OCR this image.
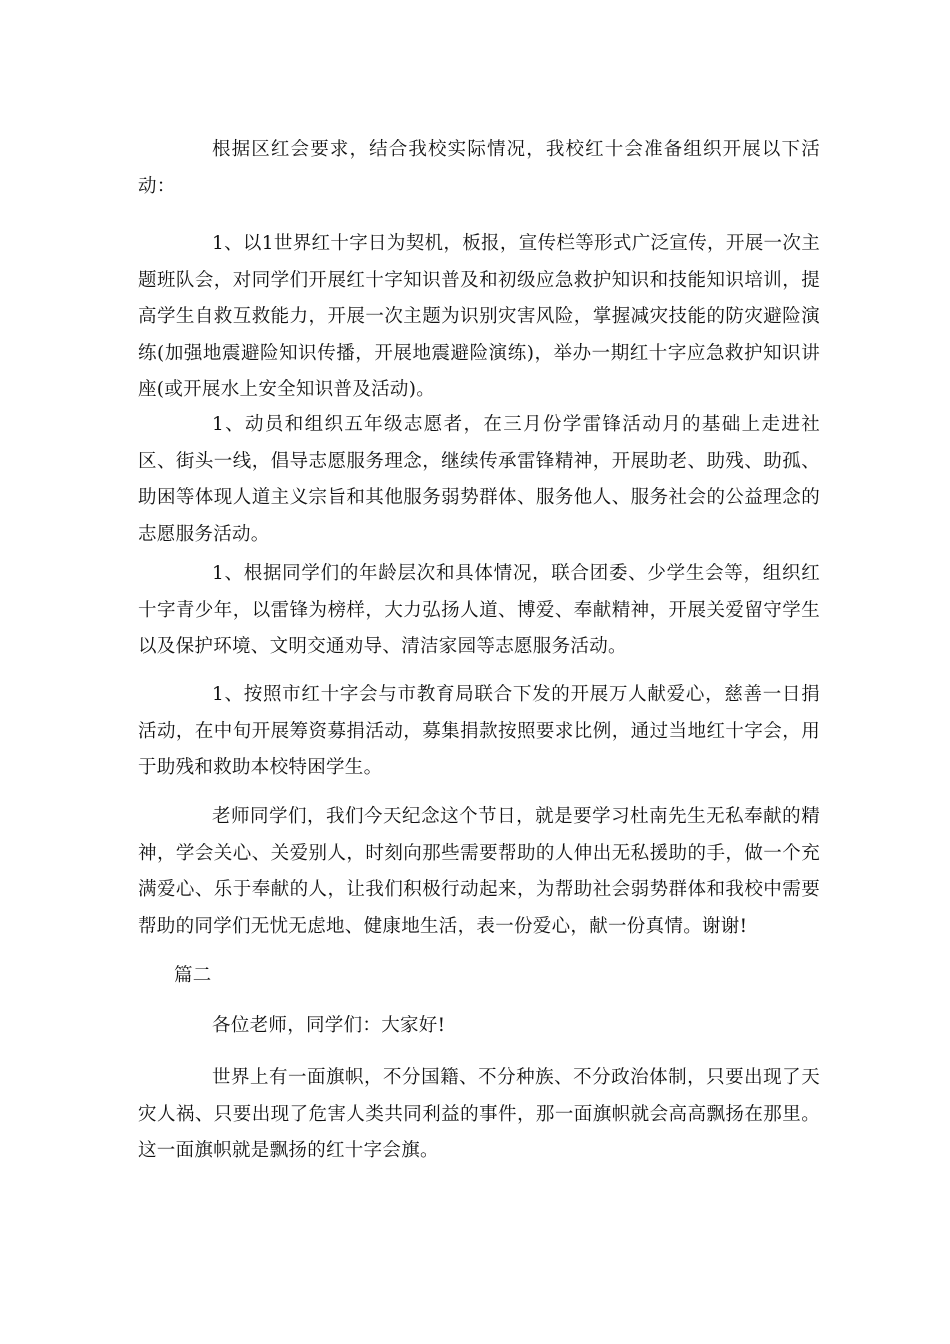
根据区红会要求，结合我校实际情况，我校红十会准备组织开展以下活动：

1、以1世界红十字日为契机，板报，宣传栏等形式广泛宣传，开展一次主题班队会，对同学们开展红十字知识普及和初级应急救护知识和技能知识培训，提高学生自救互救能力，开展一次主题为识别灾害风险，掌握减灾技能的防灾避险演练(加强地震避险知识传播，开展地震避险演练)，举办一期红十字应急救护知识讲座(或开展水上安全知识普及活动)。

1、动员和组织五年级志愿者，在三月份学雷锋活动月的基础上走进社区、街头一线，倡导志愿服务理念，继续传承雷锋精神，开展助老、助残、助孤、助困等体现人道主义宗旨和其他服务弱势群体、服务他人、服务社会的公益理念的志愿服务活动。

1、根据同学们的年龄层次和具体情况，联合团委、少学生会等，组织红十字青少年，以雷锋为榜样，大力弘扬人道、博爱、奉献精神，开展关爱留守学生以及保护环境、文明交通劝导、清洁家园等志愿服务活动。

1、按照市红十字会与市教育局联合下发的开展万人献爱心，慈善一日捐活动，在中旬开展筹资募捐活动，募集捐款按照要求比例，通过当地红十字会，用于助残和救助本校特困学生。

老师同学们，我们今天纪念这个节日，就是要学习杜南先生无私奉献的精神，学会关心、关爱别人，时刻向那些需要帮助的人伸出无私援助的手，做一个充满爱心、乐于奉献的人，让我们积极行动起来，为帮助社会弱势群体和我校中需要帮助的同学们无忧无虑地、健康地生活，表一份爱心，献一份真情。谢谢!

篇二

各位老师，同学们：大家好!

世界上有一面旗帜，不分国籍、不分种族、不分政治体制，只要出现了天灾人祸、只要出现了危害人类共同利益的事件，那一面旗帜就会高高飘扬在那里。这一面旗帜就是飘扬的红十字会旗。
